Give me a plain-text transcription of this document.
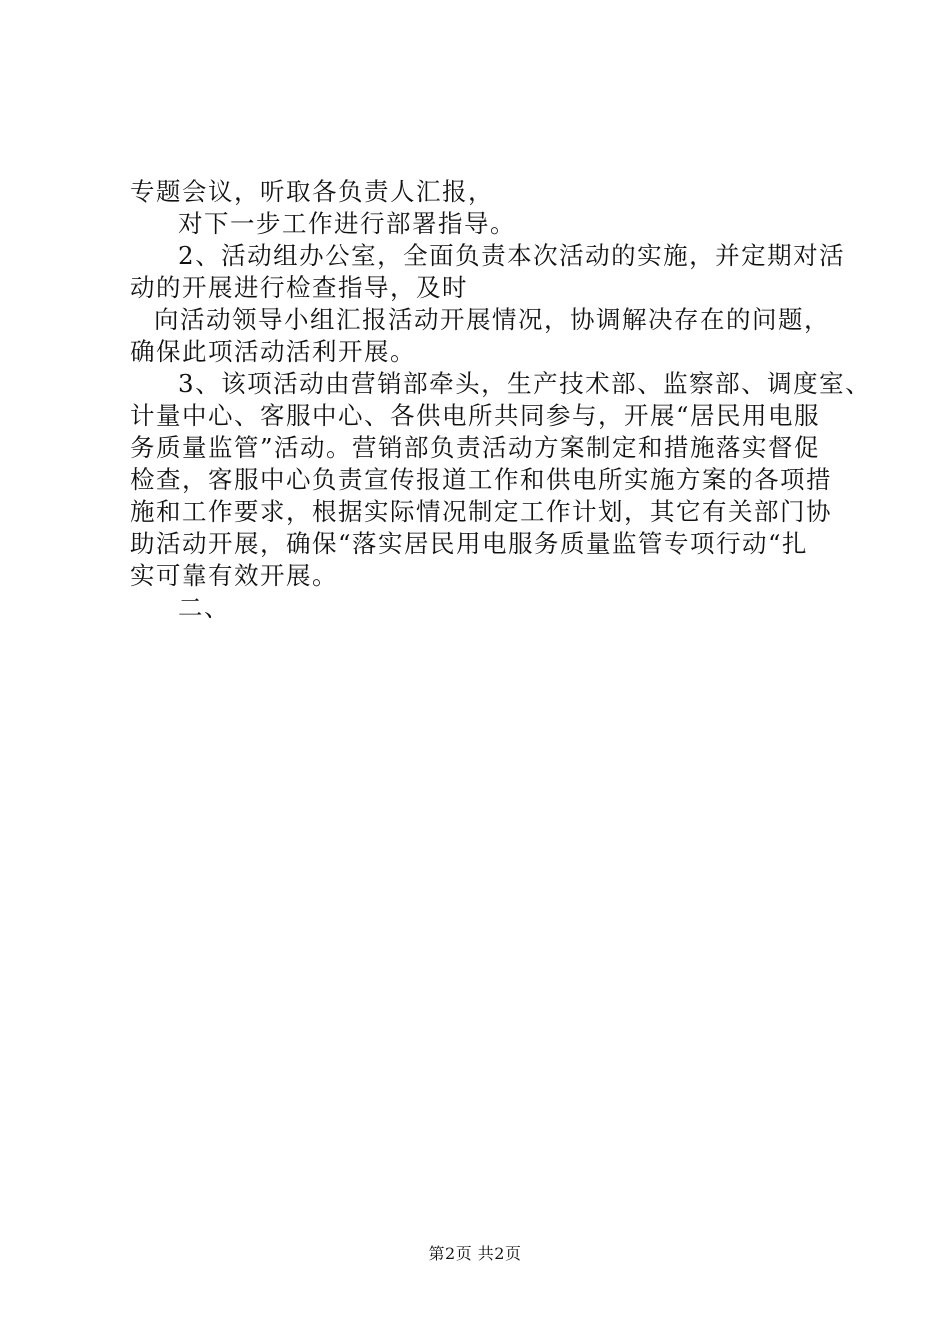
专题会议，听取各负责人汇报，
对下一步工作进行部署指导。
2、活动组办公室，全面负责本次活动的实施，并定期对活
动的开展进行检查指导，及时
向活动领导小组汇报活动开展情况，协调解决存在的问题，
确保此项活动活利开展。
3、该项活动由营销部牵头，生产技术部、监察部、调度室、
计量中心、客服中心、各供电所共同参与，开展“居民用电服
务质量监管”活动。营销部负责活动方案制定和措施落实督促
检查，客服中心负责宣传报道工作和供电所实施方案的各项措
施和工作要求，根据实际情况制定工作计划，其它有关部门协
助活动开展，确保“落实居民用电服务质量监管专项行动“扎
实可靠有效开展。
二、
第2页 共2页
